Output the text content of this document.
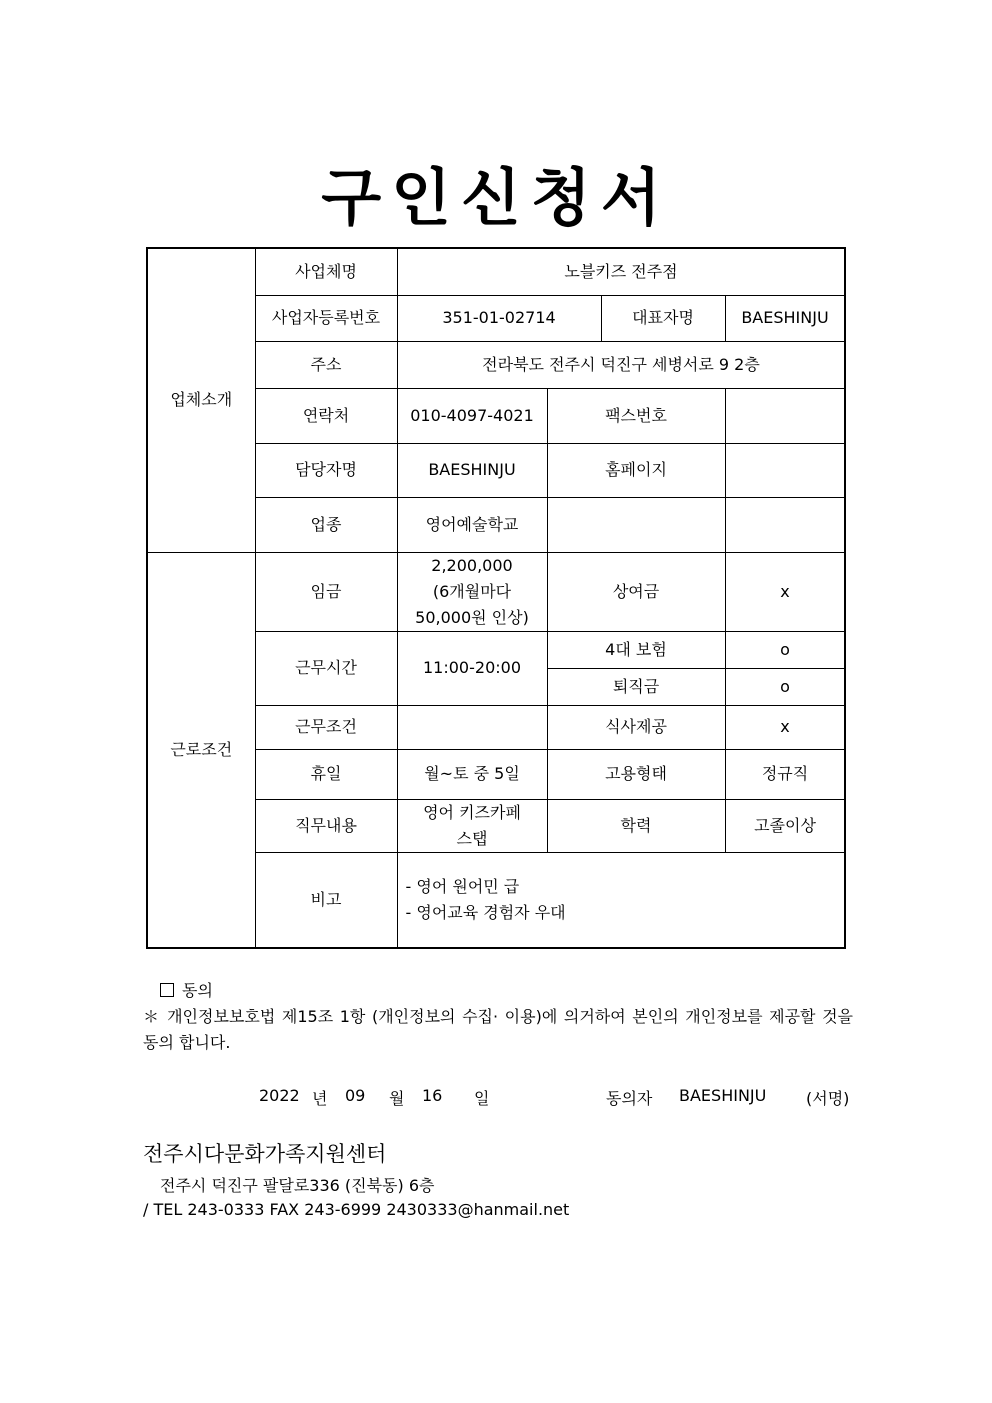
구인신청서
업체소개	사업체명	노블키즈 전주점			
	사업자등록번호	351-01-02714		대표자명	BAESHINJU
	주소	전라북도 전주시 덕진구 세병서로 9 2층			
	연락처	010-4097-4021	팩스번호		
	담당자명	BAESHINJU	홈페이지		
	업종	영어예술학교			
근로조건	임금	2,200,000
(6개월마다
50,000원 인상)	상여금		x
	근무시간	11:00-20:00	4대 보험		o
			퇴직금		o
	근무조건		식사제공		x
	휴일	월~토 중 5일	고용형태		정규직
	직무내용	영어 키즈카페
스탭	학력		고졸이상
	비고	- 영어 원어민 급
- 영어교육 경험자 우대			
동의
＊ 개인정보보호법 제15조 1항 (개인정보의 수집· 이용)에 의거하여 본인의 개인정보를 제공할 것을 동의 합니다.
2022 년 09 월 16 일	동의자 BAESHINJU (서명)
전주시다문화가족지원센터
전주시 덕진구 팔달로336 (진북동) 6층
/ TEL 243-0333 FAX 243-6999 2430333@hanmail.net
